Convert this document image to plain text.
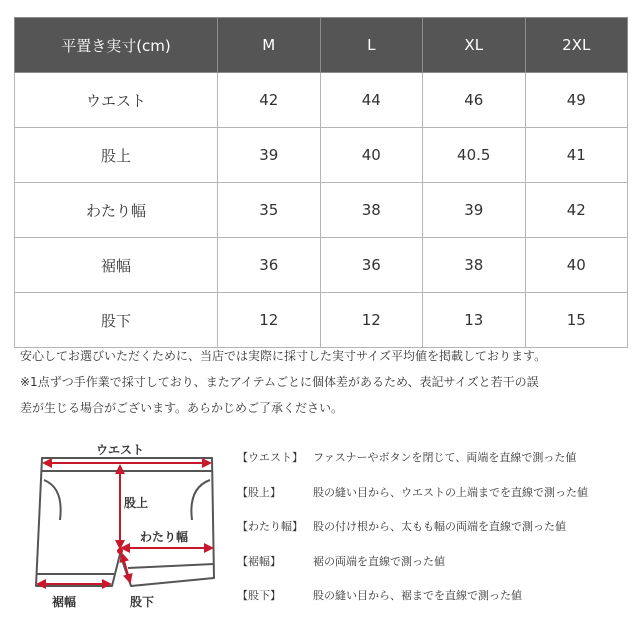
平置き実寸(cm)	M	L	XL	2XL
ウエスト	42	44	46	49
股上	39	40	40.5	41
わたり幅	35	38	39	42
裾幅	36	36	38	40
股下	12	12	13	15

安心してお選びいただくために、当店では実際に採寸した実寸サイズ平均値を掲載しております。

※1点ずつ手作業で採寸しており、またアイテムごとに個体差があるため、表記サイズと若干の誤

差が生じる場合がございます。あらかじめご了承ください。

ウエスト
股上
わたり幅
裾幅	股下
【ウエスト】 ファスナーやボタンを閉じて、両端を直線で測った値
【股上】	股の縫い目から、ウエストの上端までを直線で測った値
【わたり幅】 股の付け根から、太もも幅の両端を直線で測った値
【裾幅】	裾の両端を直線で測った値
【股下】	股の縫い目から、裾までを直線で測った値
